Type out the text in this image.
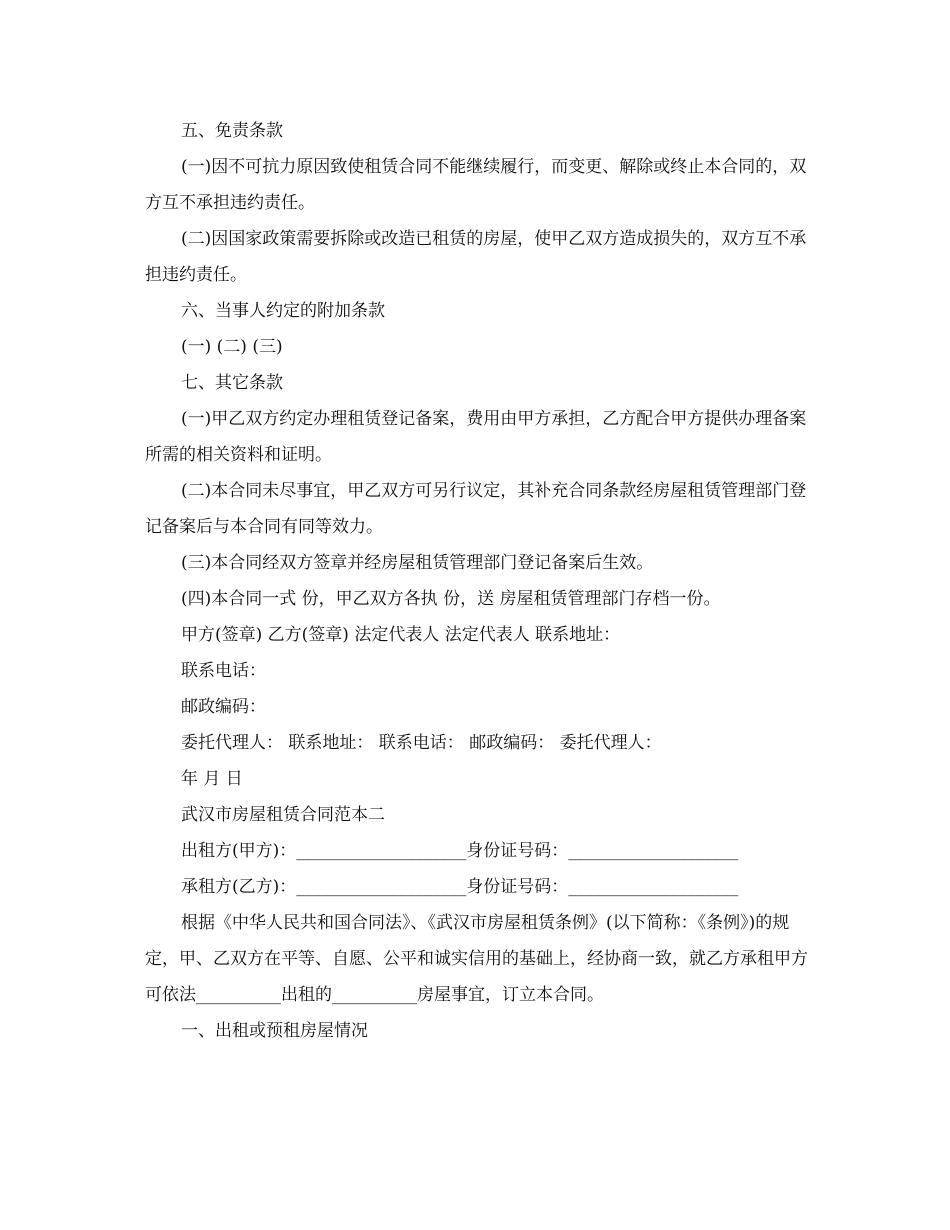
五、免责条款

(一)因不可抗力原因致使租赁合同不能继续履行，而变更、解除或终止本合同的，双方互不承担违约责任。

(二)因国家政策需要拆除或改造已租赁的房屋，使甲乙双方造成损失的，双方互不承担违约责任。

六、当事人约定的附加条款

(一) (二) (三)

七、其它条款

(一)甲乙双方约定办理租赁登记备案，费用由甲方承担，乙方配合甲方提供办理备案所需的相关资料和证明。

(二)本合同未尽事宜，甲乙双方可另行议定，其补充合同条款经房屋租赁管理部门登记备案后与本合同有同等效力。

(三)本合同经双方签章并经房屋租赁管理部门登记备案后生效。

(四)本合同一式 份，甲乙双方各执 份，送 房屋租赁管理部门存档一份。

甲方(签章) 乙方(签章) 法定代表人 法定代表人 联系地址：

联系电话：

邮政编码：

委托代理人： 联系地址： 联系电话： 邮政编码： 委托代理人：

年 月 日

武汉市房屋租赁合同范本二

出租方(甲方)：____________________身份证号码：____________________

承租方(乙方)：____________________身份证号码：____________________

根据《中华人民共和国合同法》、《武汉市房屋租赁条例》(以下简称：《条例》)的规定，甲、乙双方在平等、自愿、公平和诚实信用的基础上，经协商一致，就乙方承租甲方可依法__________出租的__________房屋事宜，订立本合同。

一、出租或预租房屋情况
